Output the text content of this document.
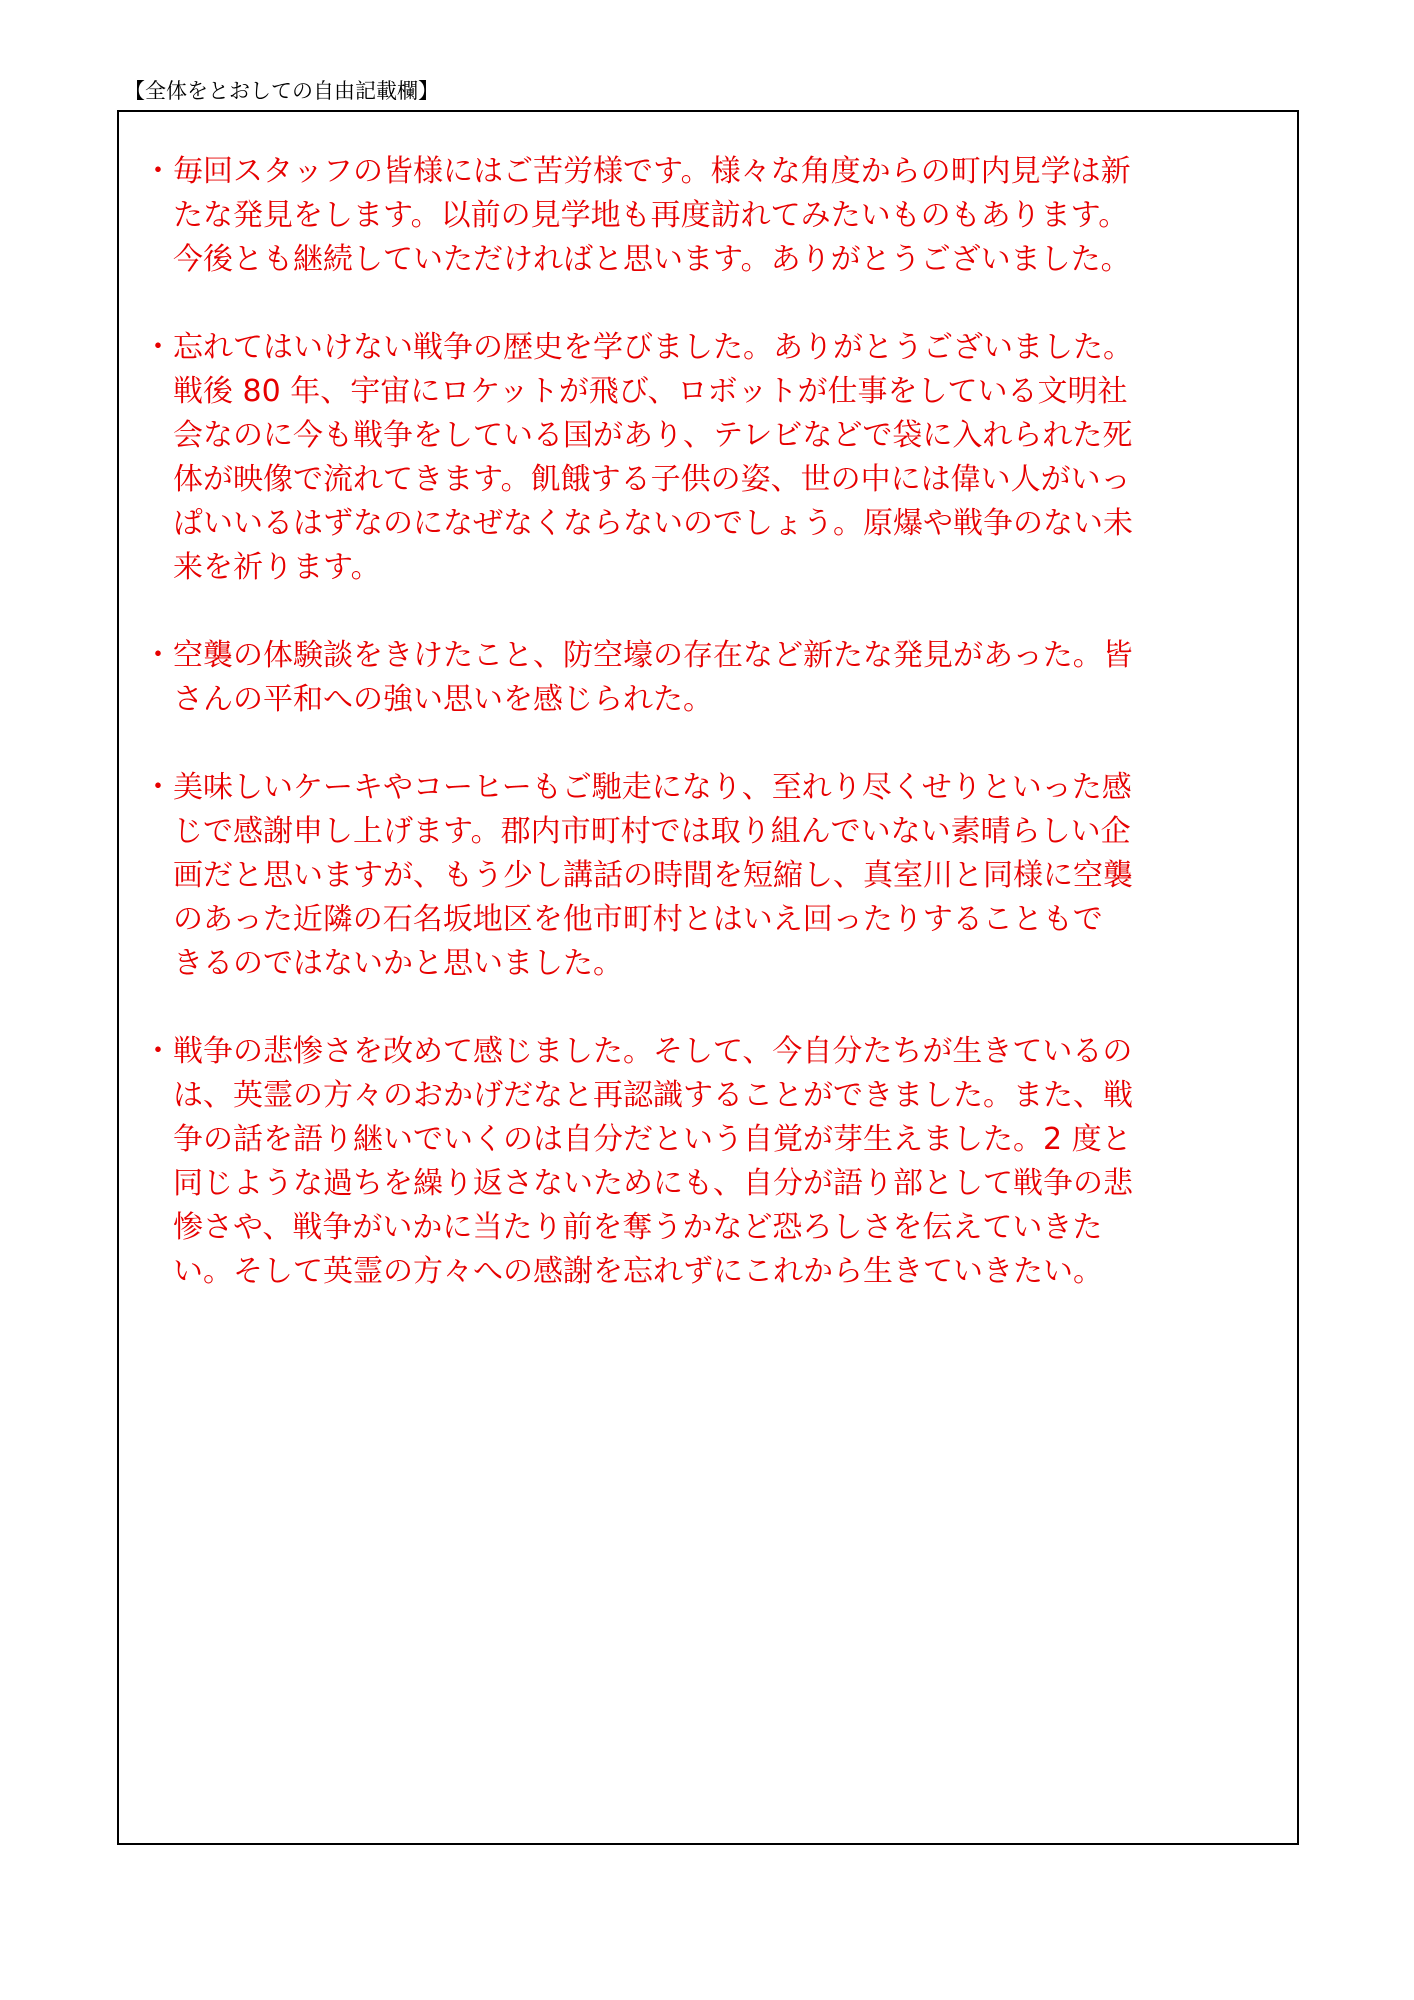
【全体をとおしての自由記載欄】
・ 毎回スタッフの皆様にはご苦労様です。様々な角度からの町内見学は新
たな発見をします。以前の見学地も再度訪れてみたいものもあります。
今後とも継続していただければと思います。ありがとうございました。
・ 忘れてはいけない戦争の歴史を学びました。ありがとうございました。
戦後 80 年、宇宙にロケットが飛び、ロボットが仕事をしている文明社
会なのに今も戦争をしている国があり、テレビなどで袋に入れられた死
体が映像で流れてきます。飢餓する子供の姿、世の中には偉い人がいっ
ぱいいるはずなのになぜなくならないのでしょう。原爆や戦争のない未
来を祈ります。
・ 空襲の体験談をきけたこと、防空壕の存在など新たな発見があった。皆
さんの平和への強い思いを感じられた。
・ 美味しいケーキやコーヒーもご馳走になり、至れり尽くせりといった感
じで感謝申し上げます。郡内市町村では取り組んでいない素晴らしい企
画だと思いますが、もう少し講話の時間を短縮し、真室川と同様に空襲
のあった近隣の石名坂地区を他市町村とはいえ回ったりすることもで
きるのではないかと思いました。
・ 戦争の悲惨さを改めて感じました。そして、今自分たちが生きているの
は、英霊の方々のおかげだなと再認識することができました。また、戦
争の話を語り継いでいくのは自分だという自覚が芽生えました。2 度と
同じような過ちを繰り返さないためにも、自分が語り部として戦争の悲
惨さや、戦争がいかに当たり前を奪うかなど恐ろしさを伝えていきた
い。そして英霊の方々への感謝を忘れずにこれから生きていきたい。
